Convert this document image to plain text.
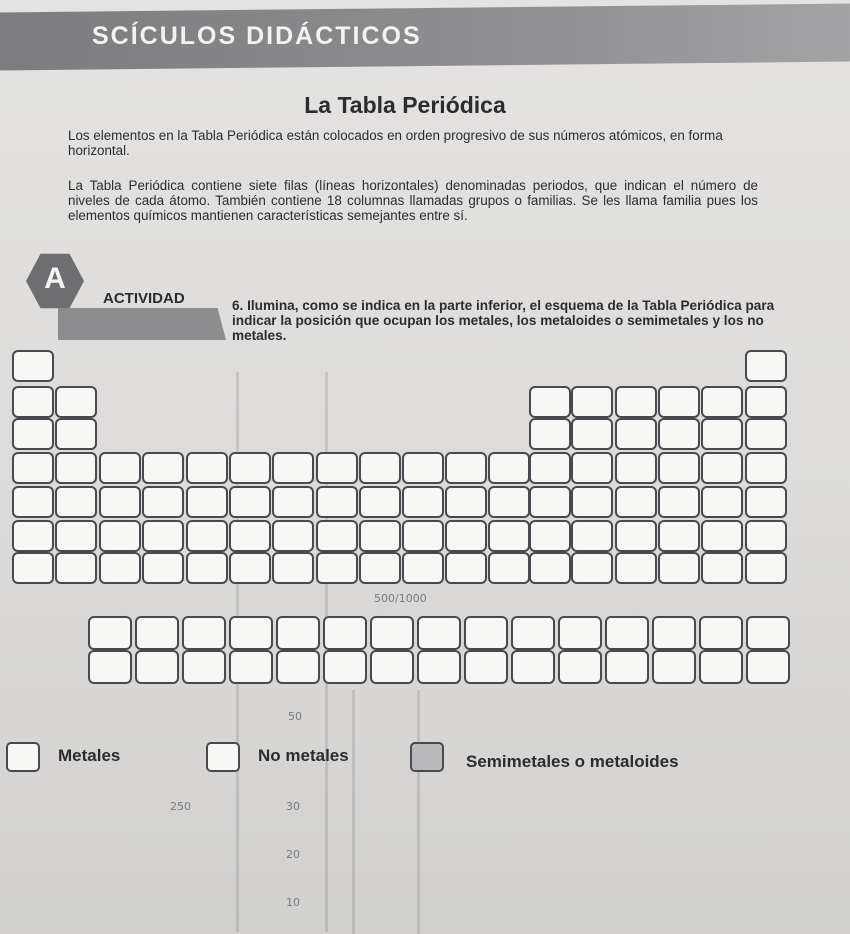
50
250	30
20
10
500/1000
SCÍCULOS DIDÁCTICOS
La Tabla Periódica
Los elementos en la Tabla Periódica están colocados en orden progresivo de sus números atómicos, en forma horizontal.
La Tabla Periódica contiene siete filas (líneas horizontales) denominadas periodos, que indican el número de niveles de cada átomo. También contiene 18 columnas llamadas grupos o familias. Se les llama familia pues los elementos químicos mantienen características semejantes entre sí.
A
ACTIVIDAD	6. Ilumina, como se indica en la parte inferior, el esquema de la Tabla Periódica para indicar la posición que ocupan los metales, los metaloides o semimetales y los no metales.
Metales	No metales	Semimetales o metaloides
